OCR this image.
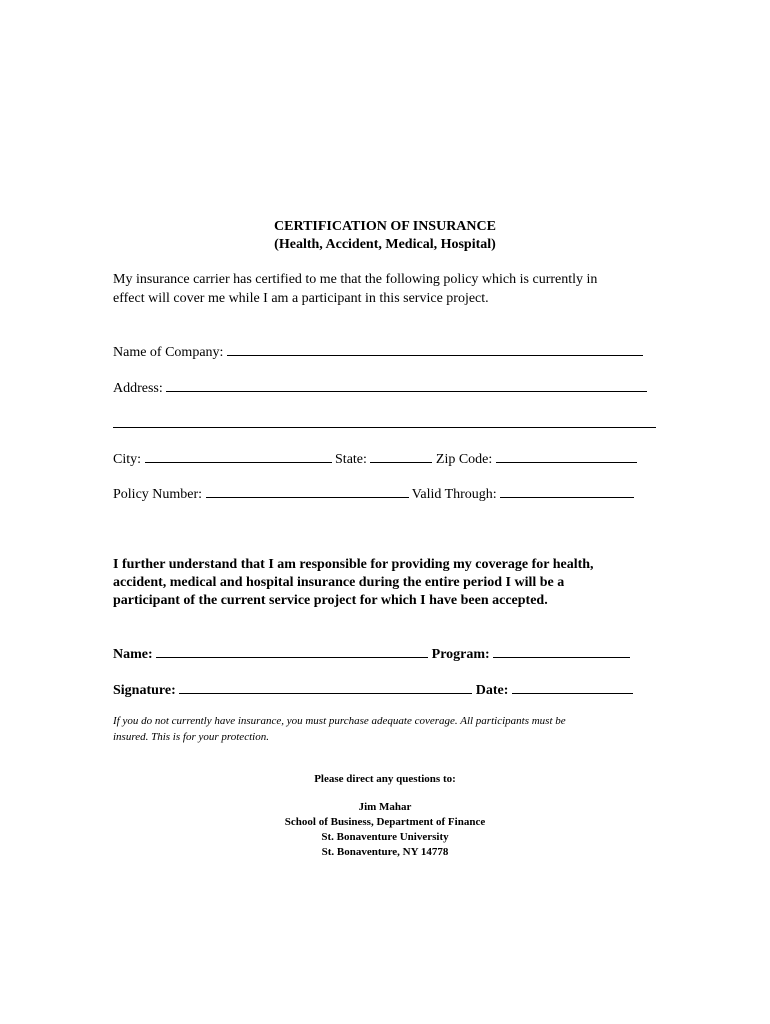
CERTIFICATION OF INSURANCE
(Health, Accident, Medical, Hospital)
My insurance carrier has certified to me that the following policy which is currently in
effect will cover me while I am a participant in this service project.
Name of Company:
Address:
City:	State:	Zip Code:
Policy Number:	Valid Through:
I further understand that I am responsible for providing my coverage for health,
accident, medical and hospital insurance during the entire period I will be a
participant of the current service project for which I have been accepted.
Name:	Program:
Signature:	Date:
If you do not currently have insurance, you must purchase adequate coverage. All participants must be
insured. This is for your protection.
Please direct any questions to:
Jim Mahar
School of Business, Department of Finance
St. Bonaventure University
St. Bonaventure, NY 14778
